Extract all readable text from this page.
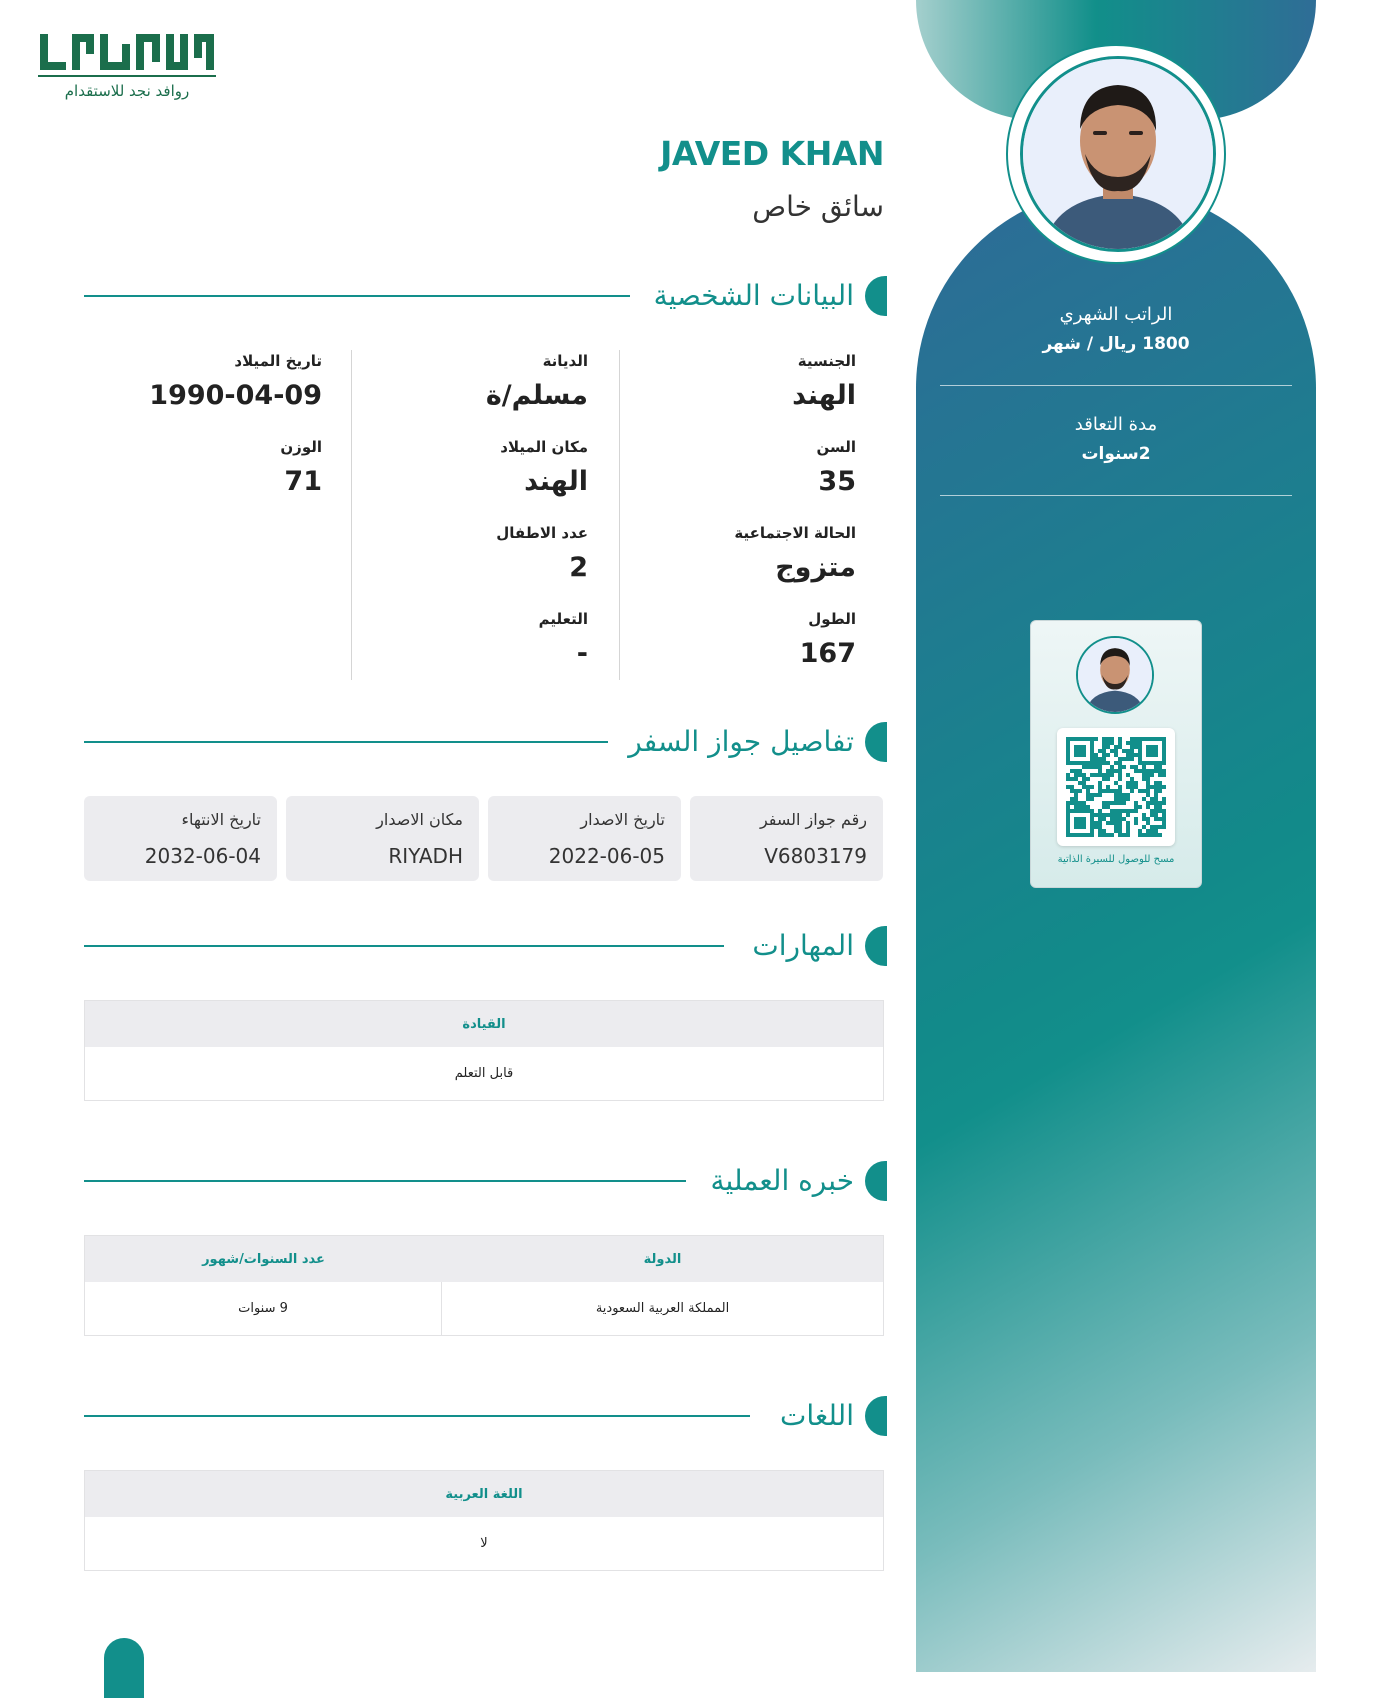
الراتب الشهري
1800 ريال / شهر
مدة التعاقد
2سنوات
مسح للوصول للسيرة الذاتية
روافد نجد للاستقدام
JAVED KHAN
سائق خاص
البيانات الشخصية
الجنسية
الهند
السن
35
الحالة الاجتماعية
متزوج
الطول
167
الديانة
مسلم/ة
مكان الميلاد
الهند
عدد الاطفال
2
التعليم
-
تاريخ الميلاد
1990-04-09
الوزن
71
تفاصيل جواز السفر
رقم جواز السفر
V6803179
تاريخ الاصدار
2022-06-05
مكان الاصدار
RIYADH
تاريخ الانتهاء
2032-06-04
المهارات
القيادة
قابل التعلم
خبره العملية
الدولة
عدد السنوات/شهور
المملكة العربية السعودية
9 سنوات
اللغات
اللغة العربية
لا
